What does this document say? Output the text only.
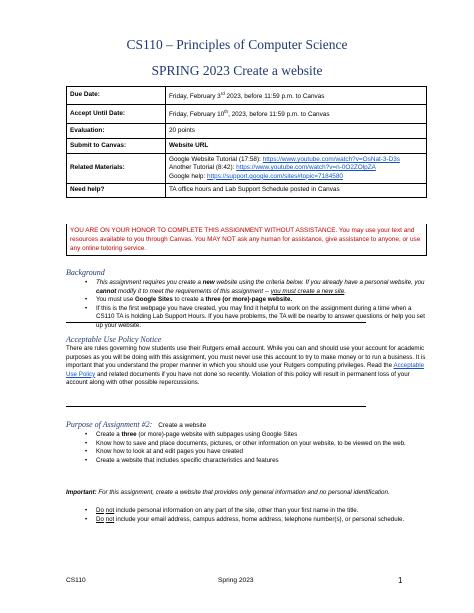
CS110 – Principles of Computer Science
SPRING 2023 Create a website
Due Date:	Friday, February 3rd 2023, before 11:59 p.m. to Canvas
Accept Until Date:	Friday, February 10th, 2023, before 11:59 p.m. to Canvas
Evaluation:	20 points
Submit to Canvas:	Website URL
Related Materials:	Google Website Tutorial (17:58): https://www.youtube.com/watch?v=OsNat-3-D3s
Another Tutorial (8:42): https://www.youtube.com/watch?v=n-0O2ZOlpZA
Google help: https://support.google.com/sites#topic=7184580

Need help?	TA office hours and Lab Support Schedule posted in Canvas
YOU ARE ON YOUR HONOR TO COMPLETE THIS ASSIGNMENT WITHOUT ASSISTANCE. You may use your text and resources available to you through Canvas. You MAY NOT ask any human for assistance, give assistance to anyone, or use any online tutoring service.
Background
• This assignment requires you create a new website using the criteria below. If you already have a personal website, you cannot modify it to meet the requirements of this assignment -- you must create a new site.
• You must use Google Sites to create a three (or more)-page website.
• If this is the first webpage you have created, you may find it helpful to work on the assignment during a time when a CS110 TA is holding Lab Support Hours. If you have problems, the TA will be nearby to answer questions or help you set up your website.
Acceptable Use Policy Notice
There are rules governing how students use their Rutgers email account. While you can and should use your account for academic purposes as you will be doing with this assignment, you must never use this account to try to make money or to run a business. It is important that you understand the proper manner in which you should use your Rutgers computing privileges. Read the Acceptable Use Policy and related documents if you have not done so recently. Violation of this policy will result in permanent loss of your account along with other possible repercussions.
Purpose of Assignment #2: Create a website
• Create a three (or more)-page website with subpages using Google Sites
• Know how to save and place documents, pictures, or other information on your website, to be viewed on the web.
• Know how to look at and edit pages you have created
• Create a website that includes specific characteristics and features
Important: For this assignment, create a website that provides only general information and no personal identification.
• Do not include personal information on any part of the site, other than your first name in the title.
• Do not include your email address, campus address, home address, telephone number(s), or personal schedule.
CS110	Spring 2023	1
